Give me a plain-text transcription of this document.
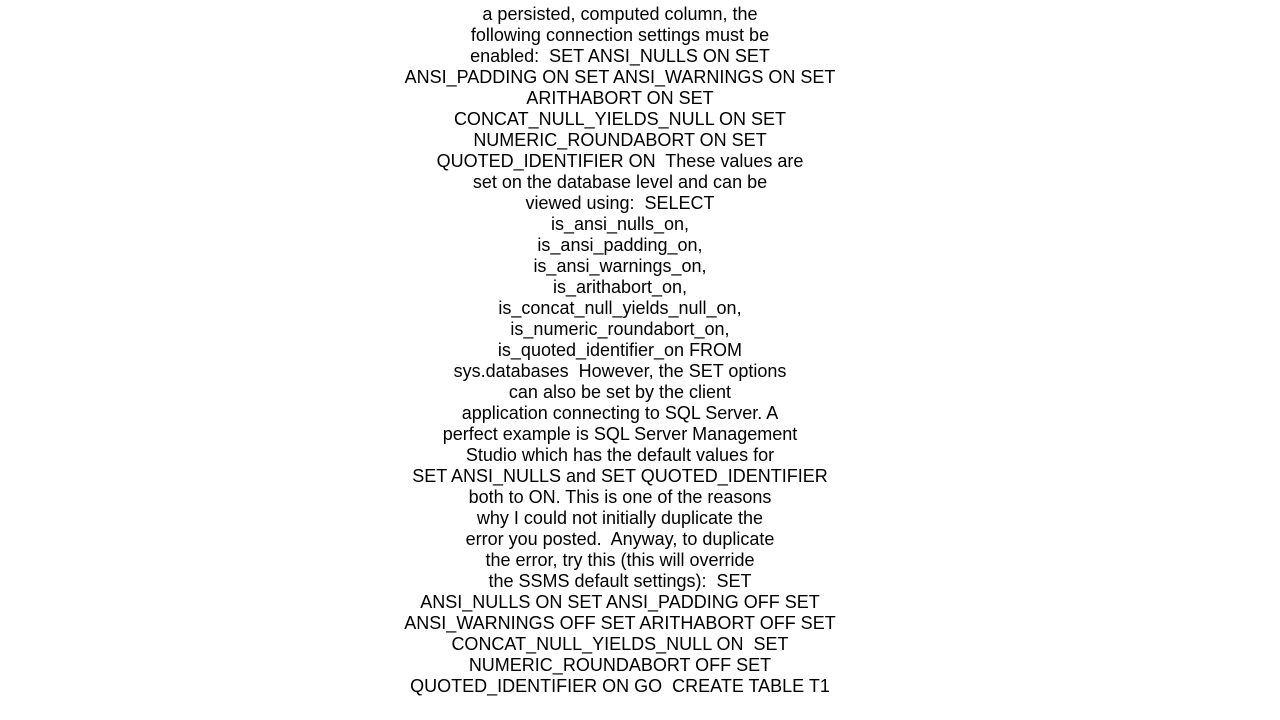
a persisted, computed column, the
following connection settings must be
enabled:  SET ANSI_NULLS ON SET
ANSI_PADDING ON SET ANSI_WARNINGS ON SET
ARITHABORT ON SET
CONCAT_NULL_YIELDS_NULL ON SET
NUMERIC_ROUNDABORT ON SET
QUOTED_IDENTIFIER ON  These values are
set on the database level and can be
viewed using:  SELECT
is_ansi_nulls_on,
is_ansi_padding_on,
is_ansi_warnings_on,
is_arithabort_on,
is_concat_null_yields_null_on,
is_numeric_roundabort_on,
is_quoted_identifier_on FROM
sys.databases  However, the SET options
can also be set by the client
application connecting to SQL Server. A
perfect example is SQL Server Management
Studio which has the default values for
SET ANSI_NULLS and SET QUOTED_IDENTIFIER
both to ON. This is one of the reasons
why I could not initially duplicate the
error you posted.  Anyway, to duplicate
the error, try this (this will override
the SSMS default settings):  SET
ANSI_NULLS ON SET ANSI_PADDING OFF SET
ANSI_WARNINGS OFF SET ARITHABORT OFF SET
CONCAT_NULL_YIELDS_NULL ON  SET
NUMERIC_ROUNDABORT OFF SET
QUOTED_IDENTIFIER ON GO  CREATE TABLE T1
